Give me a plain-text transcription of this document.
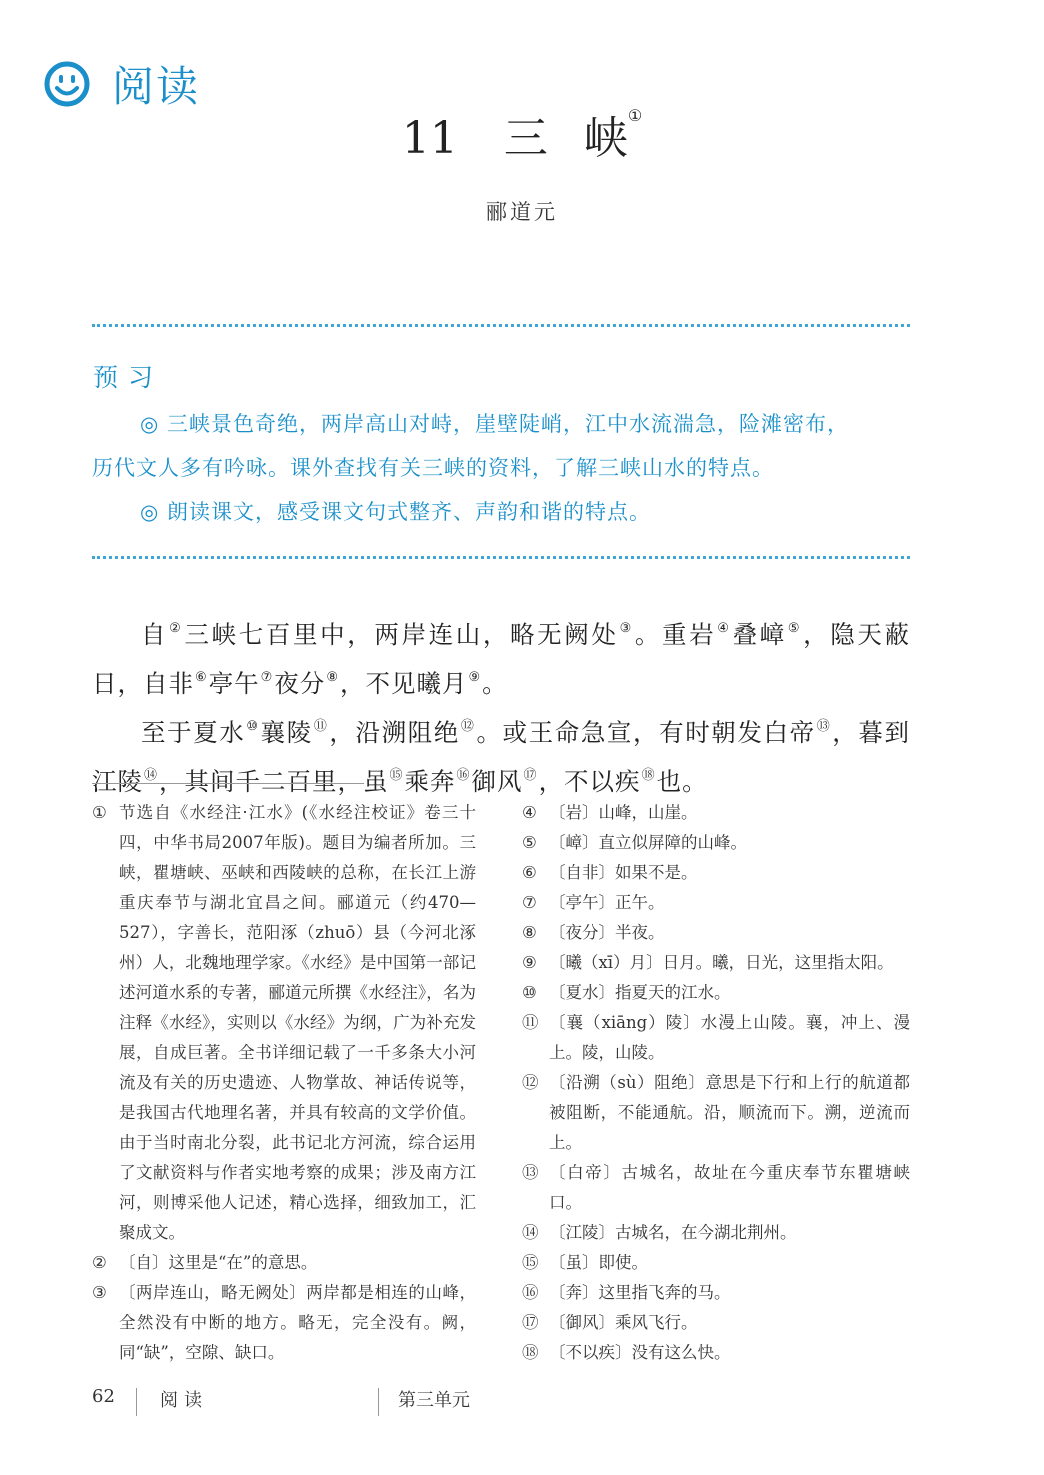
阅读
11 三 峡①
郦道元
预习

◎ 三峡景色奇绝，两岸高山对峙，崖壁陡峭，江中水流湍急，险滩密布，

历代文人多有吟咏。课外查找有关三峡的资料，了解三峡山水的特点。

◎ 朗读课文，感受课文句式整齐、声韵和谐的特点。

自②三峡七百里中，两岸连山，略无阙处③。重岩④叠嶂⑤，隐天蔽日，自非⑥亭午⑦夜分⑧，不见曦月⑨。

至于夏水⑩襄陵⑪，沿溯阻绝⑫。或王命急宣，有时朝发白帝⑬，暮到江陵⑭，其间千二百里，虽⑮乘奔⑯御风⑰，不以疾⑱也。

① 节选自《水经注·江水》(《水经注校证》卷三十四，中华书局2007年版)。题目为编者所加。三峡，瞿塘峡、巫峡和西陵峡的总称，在长江上游重庆奉节与湖北宜昌之间。郦道元（约470—527），字善长，范阳涿（zhuō）县（今河北涿州）人，北魏地理学家。《水经》是中国第一部记述河道水系的专著，郦道元所撰《水经注》，名为注释《水经》，实则以《水经》为纲，广为补充发展，自成巨著。全书详细记载了一千多条大小河流及有关的历史遗迹、人物掌故、神话传说等，是我国古代地理名著，并具有较高的文学价值。由于当时南北分裂，此书记北方河流，综合运用了文献资料与作者实地考察的成果；涉及南方江河，则博采他人记述，精心选择，细致加工，汇聚成文。
② 〔自〕这里是“在”的意思。
③ 〔两岸连山，略无阙处〕两岸都是相连的山峰，全然没有中断的地方。略无，完全没有。阙，同“缺”，空隙、缺口。
④ 〔岩〕山峰，山崖。
⑤ 〔嶂〕直立似屏障的山峰。
⑥ 〔自非〕如果不是。
⑦ 〔亭午〕正午。
⑧ 〔夜分〕半夜。
⑨ 〔曦（xī）月〕日月。曦，日光，这里指太阳。
⑩ 〔夏水〕指夏天的江水。
⑪ 〔襄（xiāng）陵〕水漫上山陵。襄，冲上、漫上。陵，山陵。
⑫ 〔沿溯（sù）阻绝〕意思是下行和上行的航道都被阻断，不能通航。沿，顺流而下。溯，逆流而上。
⑬ 〔白帝〕古城名，故址在今重庆奉节东瞿塘峡口。
⑭ 〔江陵〕古城名，在今湖北荆州。
⑮ 〔虽〕即使。
⑯ 〔奔〕这里指飞奔的马。
⑰ 〔御风〕乘风飞行。
⑱ 〔不以疾〕没有这么快。
62	阅读	第三单元
